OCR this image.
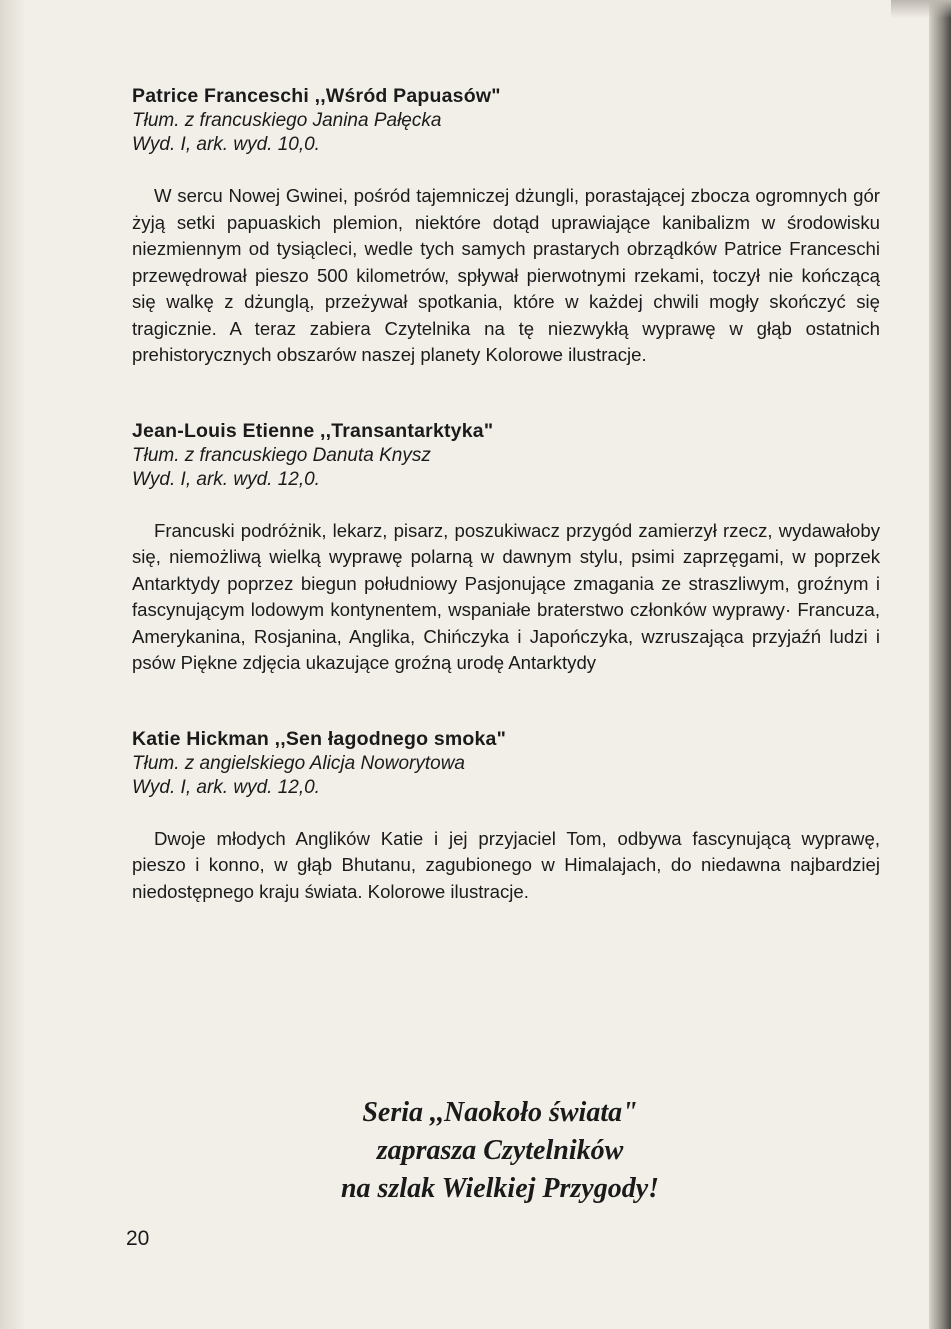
Patrice Franceschi ,,Wśród Papuasów"
Tłum. z francuskiego Janina Pałęcka
Wyd. I, ark. wyd. 10,0.

W sercu Nowej Gwinei, pośród tajemniczej dżungli, porastającej zbocza ogromnych gór żyją setki papuaskich plemion, niektóre dotąd uprawiające kanibalizm w środowisku niezmiennym od tysiącleci, wedle tych samych prastarych obrządków Patrice Franceschi przewędrował pieszo 500 kilometrów, spływał pierwotnymi rzekami, toczył nie kończącą się walkę z dżunglą, przeżywał spotkania, które w każdej chwili mogły skończyć się tragicznie. A teraz zabiera Czytelnika na tę niezwykłą wyprawę w głąb ostatnich prehistorycznych obszarów naszej planety Kolorowe ilustracje.

Jean-Louis Etienne ,,Transantarktyka"
Tłum. z francuskiego Danuta Knysz
Wyd. I, ark. wyd. 12,0.

Francuski podróżnik, lekarz, pisarz, poszukiwacz przygód zamierzył rzecz, wydawałoby się, niemożliwą wielką wyprawę polarną w dawnym stylu, psimi zaprzęgami, w poprzek Antarktydy poprzez biegun południowy Pasjonujące zmagania ze straszliwym, groźnym i fascynującym lodowym kontynentem, wspaniałe braterstwo członków wyprawy· Francuza, Amerykanina, Rosjanina, Anglika, Chińczyka i Japończyka, wzruszająca przyjaźń ludzi i psów Piękne zdjęcia ukazujące groźną urodę Antarktydy

Katie Hickman ,,Sen łagodnego smoka"
Tłum. z angielskiego Alicja Noworytowa
Wyd. I, ark. wyd. 12,0.

Dwoje młodych Anglików Katie i jej przyjaciel Tom, odbywa fascynującą wyprawę, pieszo i konno, w głąb Bhutanu, zagubionego w Himalajach, do niedawna najbardziej niedostępnego kraju świata. Kolorowe ilustracje.

Seria ,,Naokoło świata"
zaprasza Czytelników
na szlak Wielkiej Przygody!
20
